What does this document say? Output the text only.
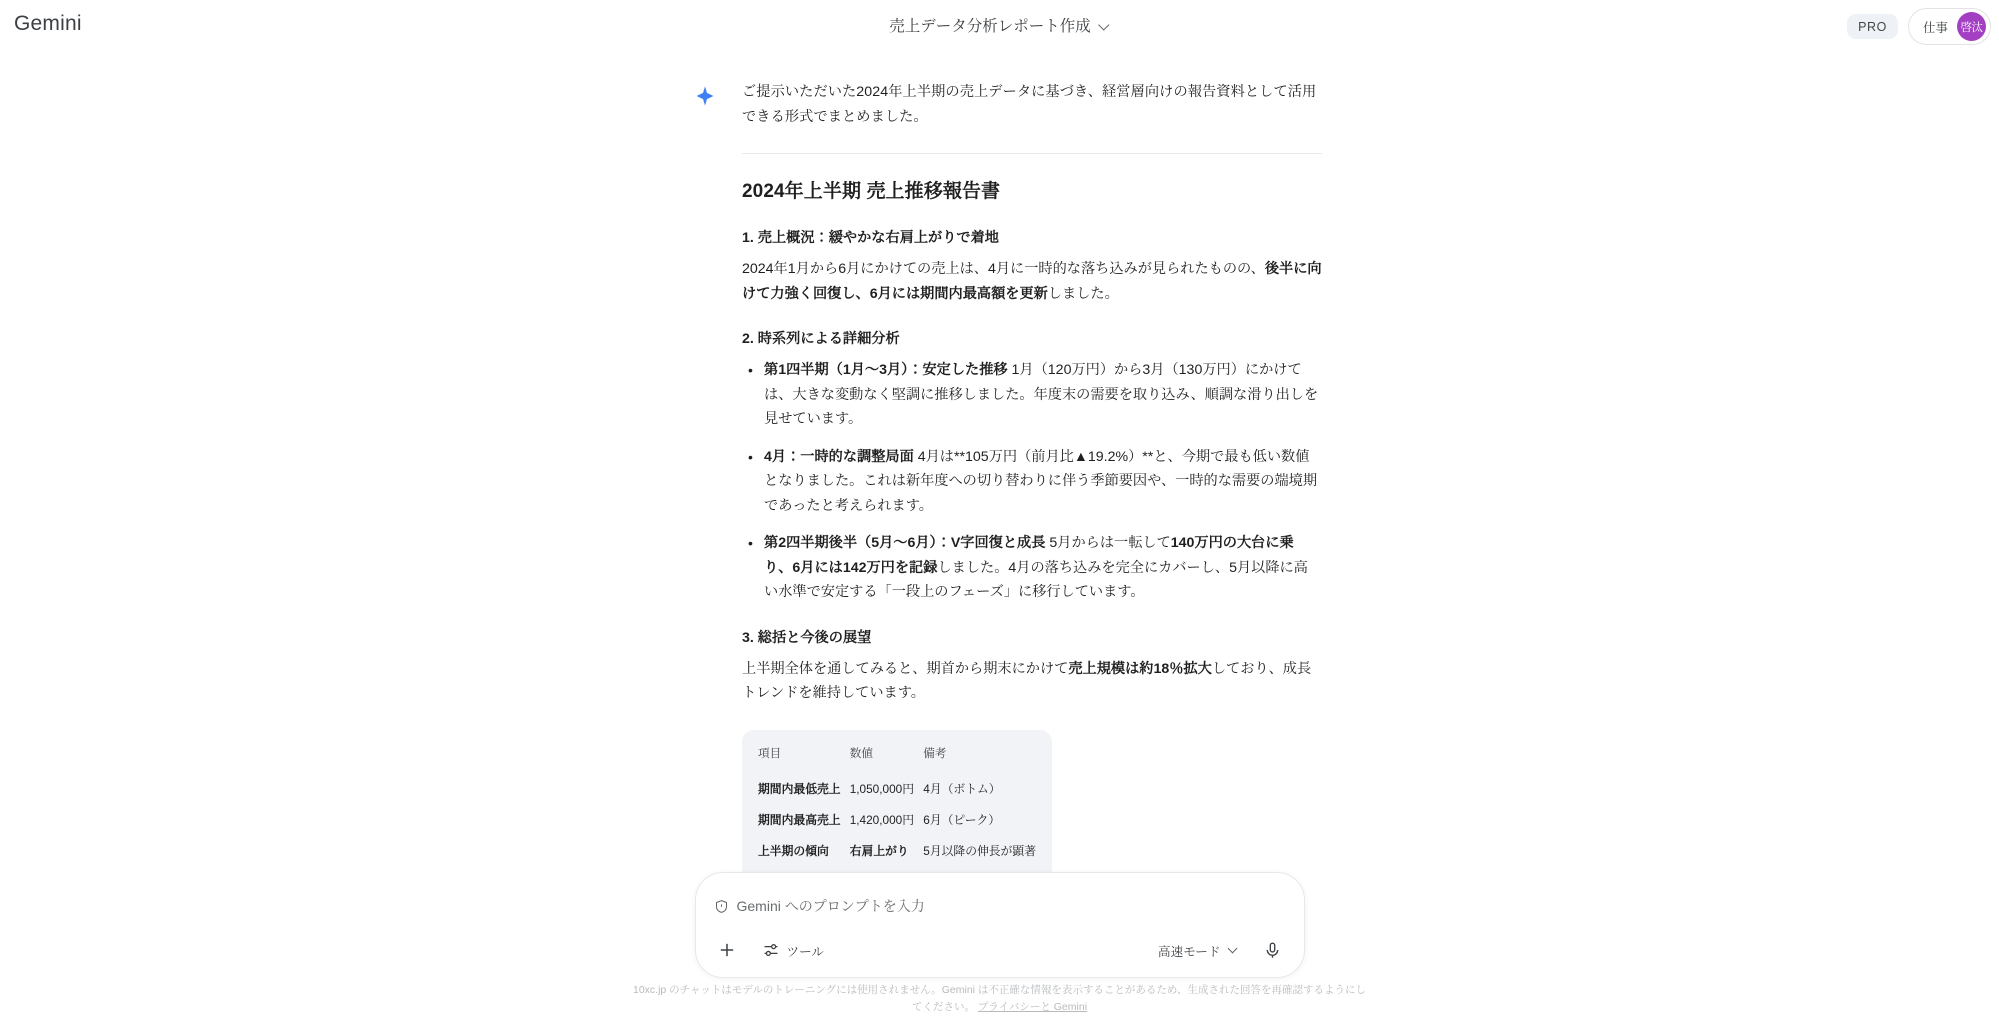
Gemini	売上データ分析レポート作成	PRO	仕事	啓汰
ご提示いただいた2024年上半期の売上データに基づき、経営層向けの報告資料として活用できる形式でまとめました。
2024年上半期 売上推移報告書
1. 売上概況：緩やかな右肩上がりで着地

2024年1月から6月にかけての売上は、4月に一時的な落ち込みが見られたものの、後半に向けて力強く回復し、6月には期間内最高額を更新しました。

2. 時系列による詳細分析
• 第1四半期（1月〜3月）：安定した推移 1月（120万円）から3月（130万円）にかけては、大きな変動なく堅調に推移しました。年度末の需要を取り込み、順調な滑り出しを見せています。
• 4月：一時的な調整局面 4月は**105万円（前月比▲19.2%）**と、今期で最も低い数値となりました。これは新年度への切り替わりに伴う季節要因や、一時的な需要の端境期であったと考えられます。
• 第2四半期後半（5月〜6月）：V字回復と成長 5月からは一転して140万円の大台に乗り、6月には142万円を記録しました。4月の落ち込みを完全にカバーし、5月以降に高い水準で安定する「一段上のフェーズ」に移行しています。
3. 総括と今後の展望

上半期全体を通してみると、期首から期末にかけて売上規模は約18％拡大しており、成長トレンドを維持しています。

項目	数値	備考
期間内最低売上	1,050,000円	4月（ボトム）
期間内最高売上	1,420,000円	6月（ピーク）
上半期の傾向	右肩上がり	5月以降の伸長が顕著
Gemini へのプロンプトを入力
ツール	高速モード
10xc.jp のチャットはモデルのトレーニングには使用されません。Gemini は不正確な情報を表示することがあるため、生成された回答を再確認するようにしてください。 プライバシーと Gemini
